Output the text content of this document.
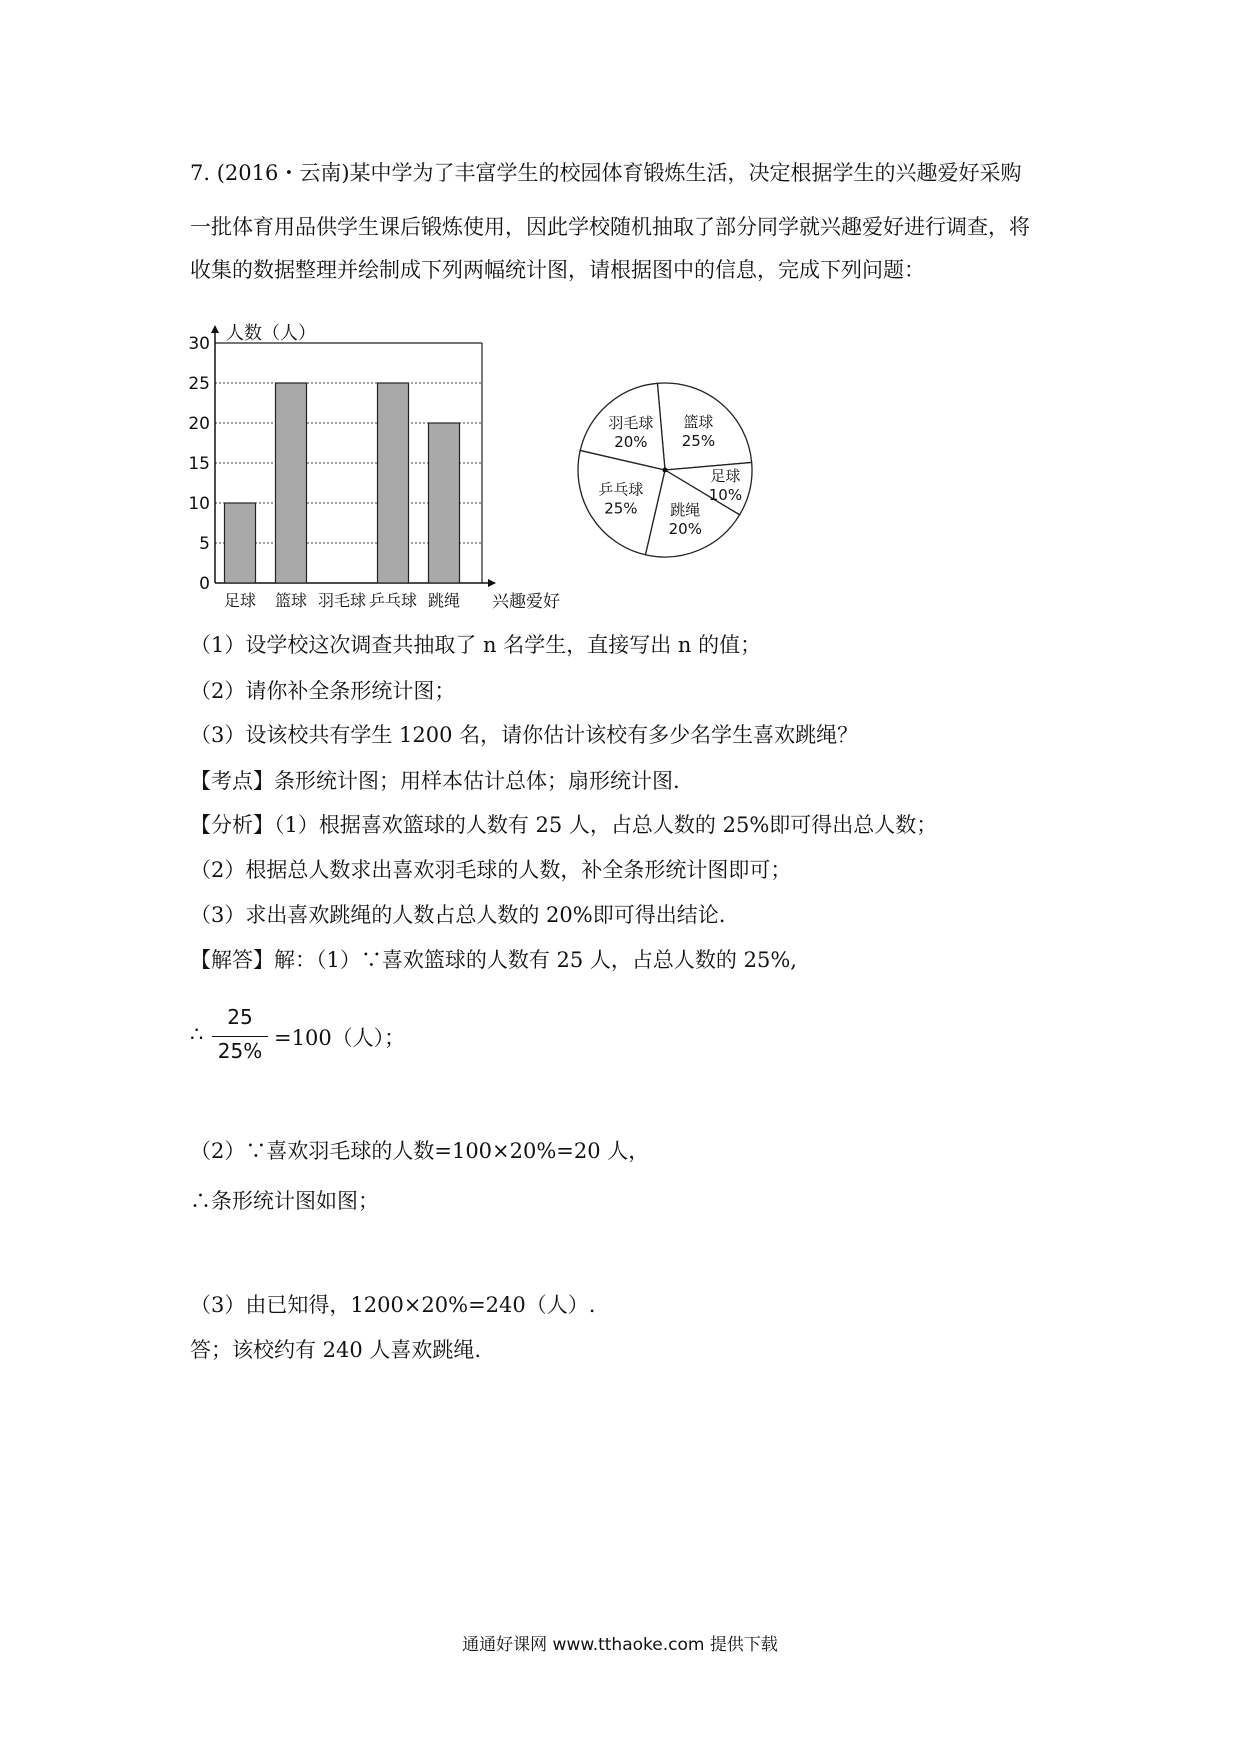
7. (2016・云南)某中学为了丰富学生的校园体育锻炼生活，决定根据学生的兴趣爱好采购
一批体育用品供学生课后锻炼使用，因此学校随机抽取了部分同学就兴趣爱好进行调查，将
收集的数据整理并绘制成下列两幅统计图，请根据图中的信息，完成下列问题：
0
5
10
15
20
25
30 人数（人）
兴趣爱好
足球 篮球 羽毛球 乒乓球 跳绳
篮球
25%
足球
10%
跳绳
20%
乒乓球
25%
羽毛球
20%
（1）设学校这次调查共抽取了 n 名学生，直接写出 n 的值；
（2）请你补全条形统计图；
（3）设该校共有学生 1200 名，请你估计该校有多少名学生喜欢跳绳？
【考点】条形统计图；用样本估计总体；扇形统计图.
【分析】（1）根据喜欢篮球的人数有 25 人，占总人数的 25%即可得出总人数；
（2）根据总人数求出喜欢羽毛球的人数，补全条形统计图即可；
（3）求出喜欢跳绳的人数占总人数的 20%即可得出结论.
【解答】解：（1）∵喜欢篮球的人数有 25 人，占总人数的 25%,
∴
25
25%
=100（人）；
（2）∵喜欢羽毛球的人数=100×20%=20 人，
∴条形统计图如图；
（3）由已知得，1200×20%=240（人）.
答；该校约有 240 人喜欢跳绳.
通通好课网 www.tthaoke.com 提供下载
